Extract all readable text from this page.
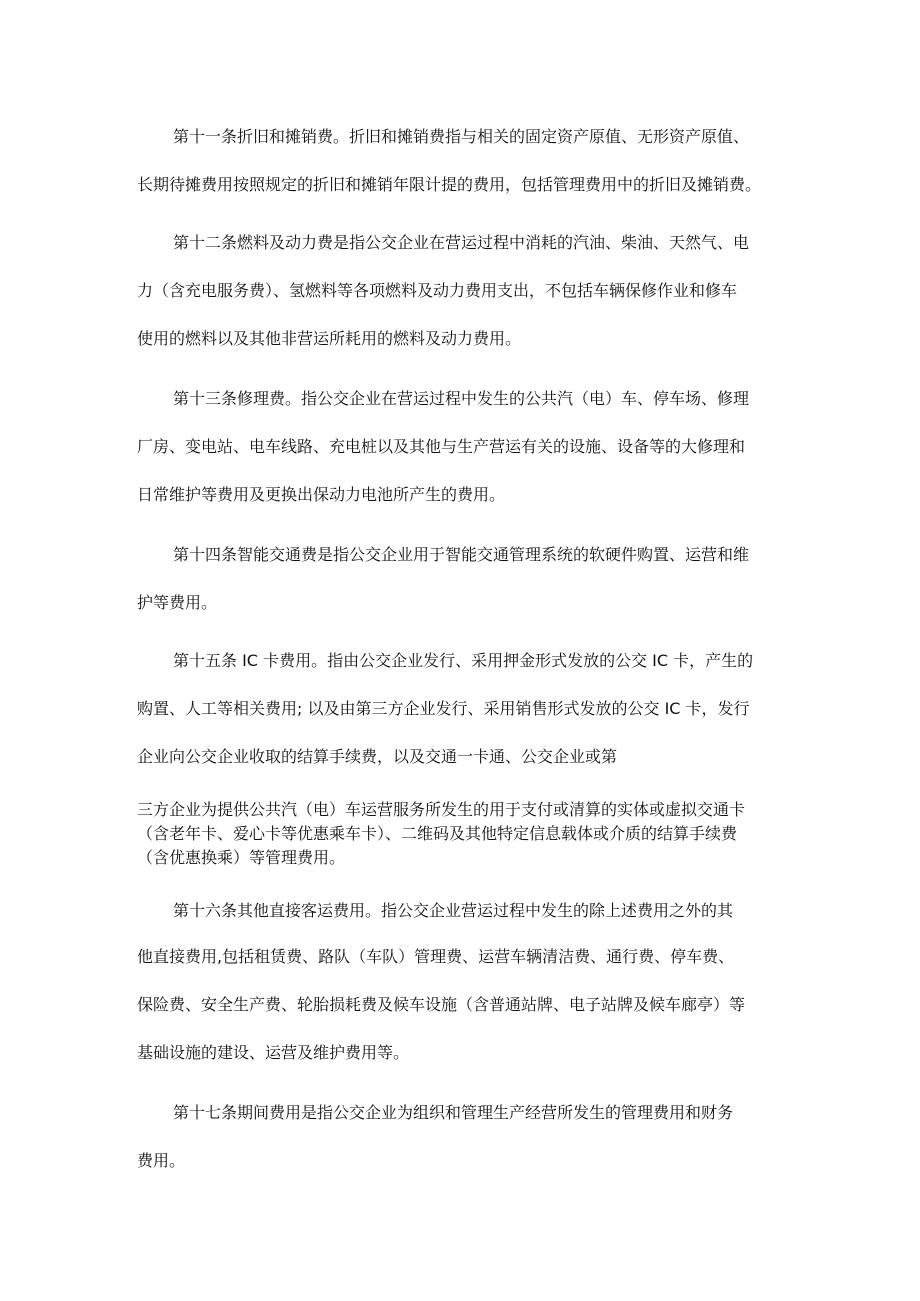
第十一条折旧和摊销费。折旧和摊销费指与相关的固定资产原值、无形资产原值、
长期待摊费用按照规定的折旧和摊销年限计提的费用，包括管理费用中的折旧及摊销费。
第十二条燃料及动力费是指公交企业在营运过程中消耗的汽油、柴油、天然气、电
力（含充电服务费）、氢燃料等各项燃料及动力费用支出，不包括车辆保修作业和修车
使用的燃料以及其他非营运所耗用的燃料及动力费用。
第十三条修理费。指公交企业在营运过程中发生的公共汽（电）车、停车场、修理
厂房、变电站、电车线路、充电桩以及其他与生产营运有关的设施、设备等的大修理和
日常维护等费用及更换出保动力电池所产生的费用。
第十四条智能交通费是指公交企业用于智能交通管理系统的软硬件购置、运营和维
护等费用。
第十五条 IC 卡费用。指由公交企业发行、采用押金形式发放的公交 IC 卡，产生的
购置、人工等相关费用; 以及由第三方企业发行、采用销售形式发放的公交 IC 卡，发行
企业向公交企业收取的结算手续费，以及交通一卡通、公交企业或第
三方企业为提供公共汽（电）车运营服务所发生的用于支付或清算的实体或虚拟交通卡
（含老年卡、爱心卡等优惠乘车卡）、二维码及其他特定信息载体或介质的结算手续费
（含优惠换乘）等管理费用。
第十六条其他直接客运费用。指公交企业营运过程中发生的除上述费用之外的其
他直接费用,包括租赁费、路队（车队）管理费、运营车辆清洁费、通行费、停车费、
保险费、安全生产费、轮胎损耗费及候车设施（含普通站牌、电子站牌及候车廊亭）等
基础设施的建设、运营及维护费用等。
第十七条期间费用是指公交企业为组织和管理生产经营所发生的管理费用和财务
费用。
